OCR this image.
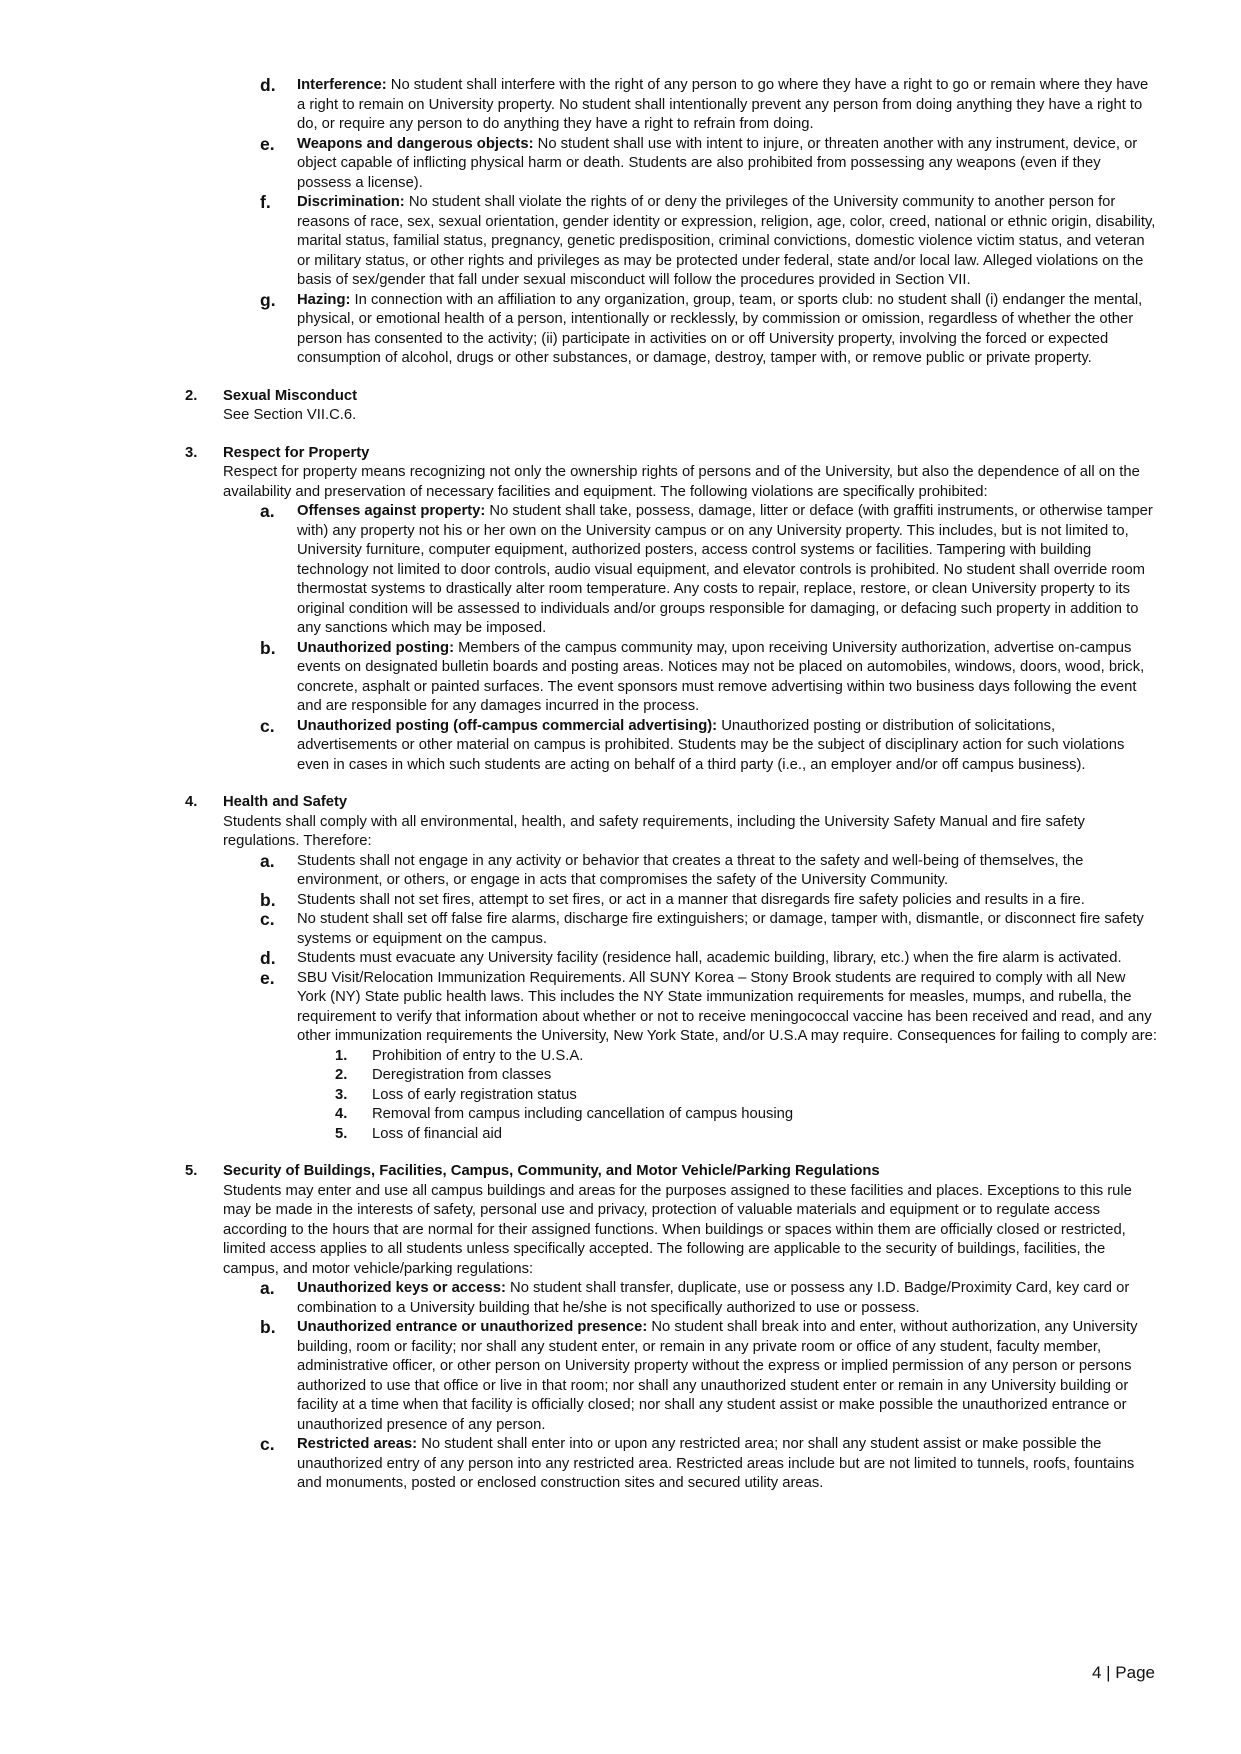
d. Interference: No student shall interfere with the right of any person to go where they have a right to go or remain where they have a right to remain on University property. No student shall intentionally prevent any person from doing anything they have a right to do, or require any person to do anything they have a right to refrain from doing.
e. Weapons and dangerous objects: No student shall use with intent to injure, or threaten another with any instrument, device, or object capable of inflicting physical harm or death. Students are also prohibited from possessing any weapons (even if they possess a license).
f. Discrimination: No student shall violate the rights of or deny the privileges of the University community to another person for reasons of race, sex, sexual orientation, gender identity or expression, religion, age, color, creed, national or ethnic origin, disability, marital status, familial status, pregnancy, genetic predisposition, criminal convictions, domestic violence victim status, and veteran or military status, or other rights and privileges as may be protected under federal, state and/or local law. Alleged violations on the basis of sex/gender that fall under sexual misconduct will follow the procedures provided in Section VII.
g. Hazing: In connection with an affiliation to any organization, group, team, or sports club: no student shall (i) endanger the mental, physical, or emotional health of a person, intentionally or recklessly, by commission or omission, regardless of whether the other person has consented to the activity; (ii) participate in activities on or off University property, involving the forced or expected consumption of alcohol, drugs or other substances, or damage, destroy, tamper with, or remove public or private property.
2. Sexual Misconduct
See Section VII.C.6.
3. Respect for Property
Respect for property means recognizing not only the ownership rights of persons and of the University, but also the dependence of all on the availability and preservation of necessary facilities and equipment. The following violations are specifically prohibited:
a. Offenses against property: No student shall take, possess, damage, litter or deface (with graffiti instruments, or otherwise tamper with) any property not his or her own on the University campus or on any University property. This includes, but is not limited to, University furniture, computer equipment, authorized posters, access control systems or facilities. Tampering with building technology not limited to door controls, audio visual equipment, and elevator controls is prohibited. No student shall override room thermostat systems to drastically alter room temperature. Any costs to repair, replace, restore, or clean University property to its original condition will be assessed to individuals and/or groups responsible for damaging, or defacing such property in addition to any sanctions which may be imposed.
b. Unauthorized posting: Members of the campus community may, upon receiving University authorization, advertise on-campus events on designated bulletin boards and posting areas. Notices may not be placed on automobiles, windows, doors, wood, brick, concrete, asphalt or painted surfaces. The event sponsors must remove advertising within two business days following the event and are responsible for any damages incurred in the process.
c. Unauthorized posting (off-campus commercial advertising): Unauthorized posting or distribution of solicitations, advertisements or other material on campus is prohibited. Students may be the subject of disciplinary action for such violations even in cases in which such students are acting on behalf of a third party (i.e., an employer and/or off campus business).
4. Health and Safety
Students shall comply with all environmental, health, and safety requirements, including the University Safety Manual and fire safety regulations. Therefore:
a. Students shall not engage in any activity or behavior that creates a threat to the safety and well-being of themselves, the environment, or others, or engage in acts that compromises the safety of the University Community.
b. Students shall not set fires, attempt to set fires, or act in a manner that disregards fire safety policies and results in a fire.
c. No student shall set off false fire alarms, discharge fire extinguishers; or damage, tamper with, dismantle, or disconnect fire safety systems or equipment on the campus.
d. Students must evacuate any University facility (residence hall, academic building, library, etc.) when the fire alarm is activated.
e. SBU Visit/Relocation Immunization Requirements. All SUNY Korea – Stony Brook students are required to comply with all New York (NY) State public health laws. This includes the NY State immunization requirements for measles, mumps, and rubella, the requirement to verify that information about whether or not to receive meningococcal vaccine has been received and read, and any other immunization requirements the University, New York State, and/or U.S.A may require. Consequences for failing to comply are:
1. Prohibition of entry to the U.S.A.
2. Deregistration from classes
3. Loss of early registration status
4. Removal from campus including cancellation of campus housing
5. Loss of financial aid
5. Security of Buildings, Facilities, Campus, Community, and Motor Vehicle/Parking Regulations
Students may enter and use all campus buildings and areas for the purposes assigned to these facilities and places. Exceptions to this rule may be made in the interests of safety, personal use and privacy, protection of valuable materials and equipment or to regulate access according to the hours that are normal for their assigned functions. When buildings or spaces within them are officially closed or restricted, limited access applies to all students unless specifically accepted. The following are applicable to the security of buildings, facilities, the campus, and motor vehicle/parking regulations:
a. Unauthorized keys or access: No student shall transfer, duplicate, use or possess any I.D. Badge/Proximity Card, key card or combination to a University building that he/she is not specifically authorized to use or possess.
b. Unauthorized entrance or unauthorized presence: No student shall break into and enter, without authorization, any University building, room or facility; nor shall any student enter, or remain in any private room or office of any student, faculty member, administrative officer, or other person on University property without the express or implied permission of any person or persons authorized to use that office or live in that room; nor shall any unauthorized student enter or remain in any University building or facility at a time when that facility is officially closed; nor shall any student assist or make possible the unauthorized entrance or unauthorized presence of any person.
c. Restricted areas: No student shall enter into or upon any restricted area; nor shall any student assist or make possible the unauthorized entry of any person into any restricted area. Restricted areas include but are not limited to tunnels, roofs, fountains and monuments, posted or enclosed construction sites and secured utility areas.
4 | Page
